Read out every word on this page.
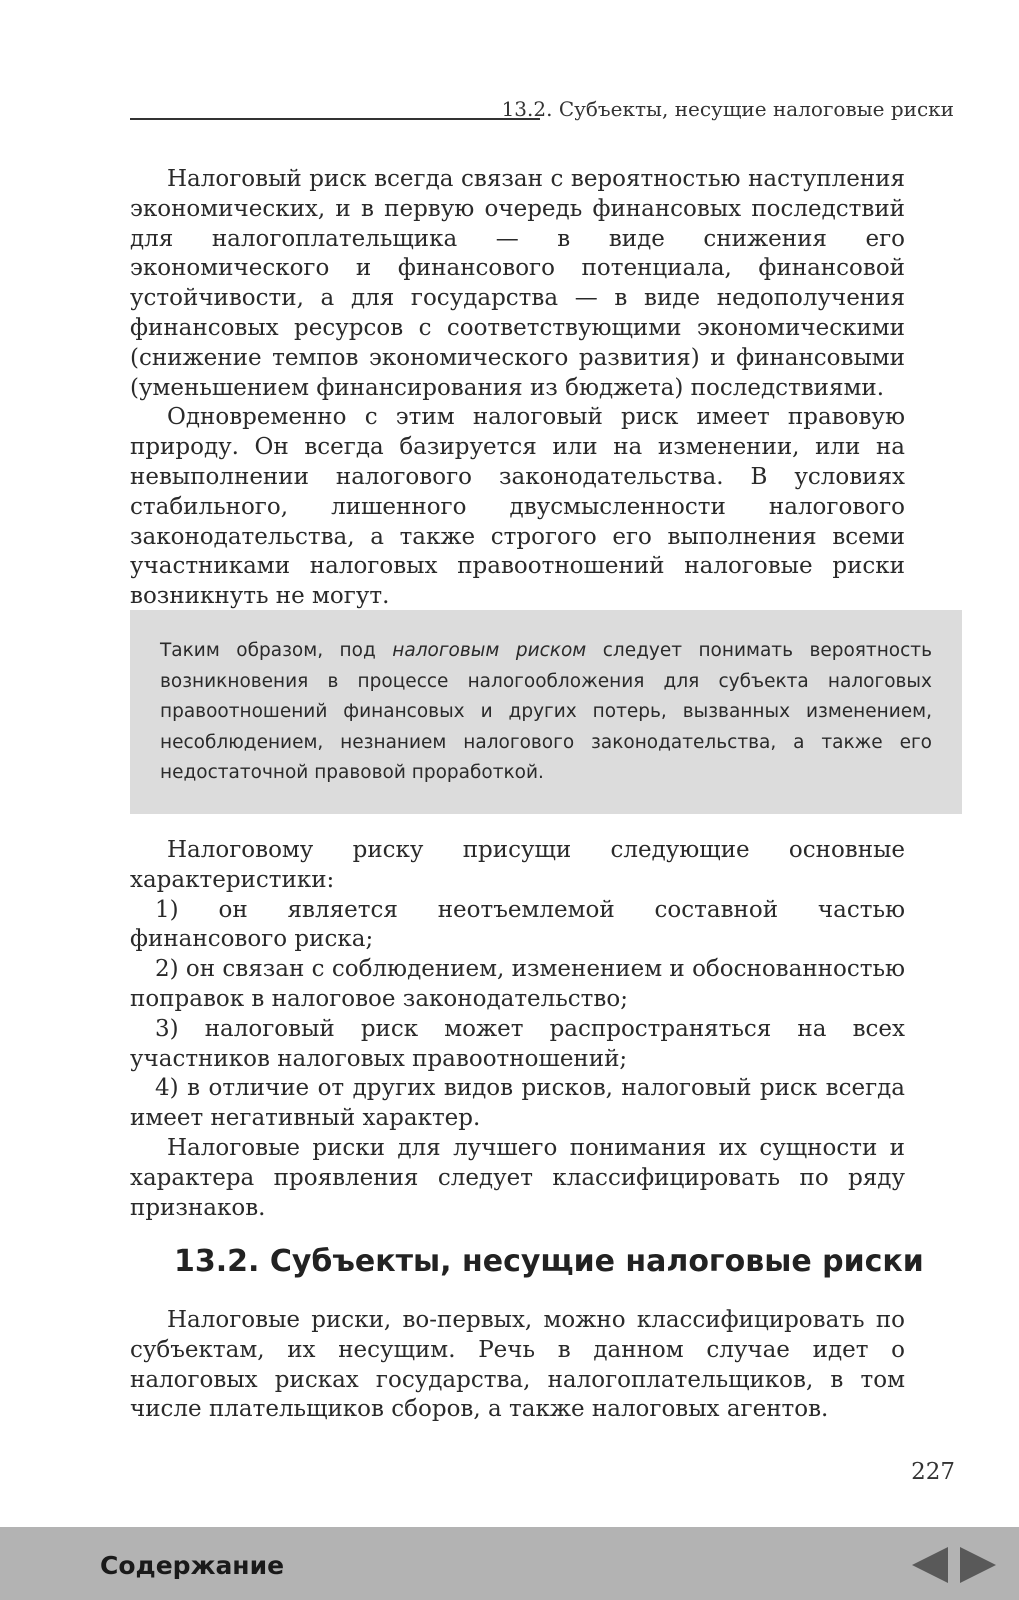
13.2. Субъекты, несущие налоговые риски

Налоговый риск всегда связан с вероятностью наступления экономических, и в первую очередь финансовых последствий для налогоплательщика — в виде снижения его экономического и финансового потенциала, финансовой устойчивости, а для государства — в виде недополучения финансовых ресурсов с соответствующими экономическими (снижение темпов экономического развития) и финансовыми (уменьшением финансирования из бюджета) последствиями.

Одновременно с этим налоговый риск имеет правовую природу. Он всегда базируется или на изменении, или на невыполнении налогового законодательства. В условиях стабильного, лишенного двусмысленности налогового законодательства, а также строгого его выполнения всеми участниками налоговых правоотношений налоговые риски возникнуть не могут.

Таким образом, под налоговым риском следует понимать вероятность возникновения в процессе налогообложения для субъекта налоговых правоотношений финансовых и других потерь, вызванных изменением, несоблюдением, незнанием налогового законодательства, а также его недостаточной правовой проработкой.

Налоговому риску присущи следующие основные характеристики:

1) он является неотъемлемой составной частью финансового риска;

2) он связан с соблюдением, изменением и обоснованностью поправок в налоговое законодательство;

3) налоговый риск может распространяться на всех участников налоговых правоотношений;

4) в отличие от других видов рисков, налоговый риск всегда имеет негативный характер.

Налоговые риски для лучшего понимания их сущности и характера проявления следует классифицировать по ряду признаков.

13.2. Субъекты, несущие налоговые риски

Налоговые риски, во-первых, можно классифицировать по субъектам, их несущим. Речь в данном случае идет о налоговых рисках государства, налогоплательщиков, в том числе плательщиков сборов, а также налоговых агентов.

227
Содержание
